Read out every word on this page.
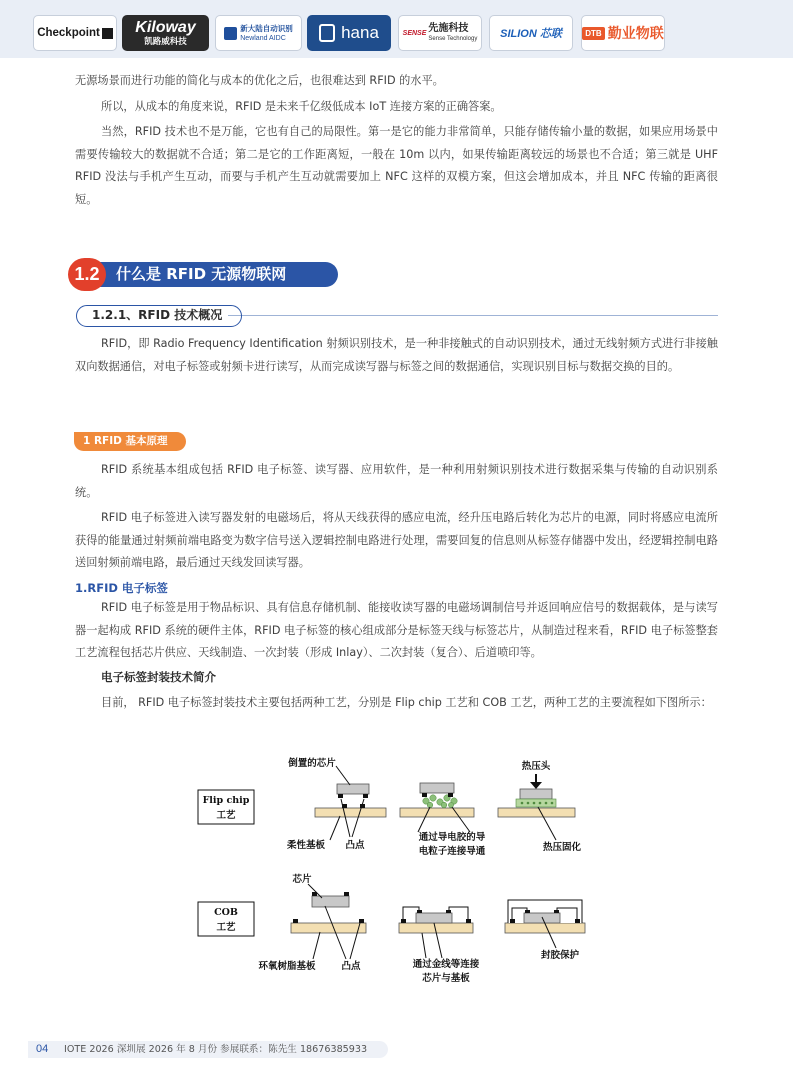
Checkpoint Kiloway
凯路威科技
新大陆自动识别
Newland AIDC	hana	SENSE 先施科技
Sense Technology SILION 芯联	DTB 勤业物联
无源场景而进行功能的简化与成本的优化之后，也很难达到 RFID 的水平。
所以，从成本的角度来说，RFID 是未来千亿级低成本 IoT 连接方案的正确答案。
当然，RFID 技术也不是万能，它也有自己的局限性。第一是它的能力非常简单，只能存储传输小量的数据，如果应用场景中需要传输较大的数据就不合适；第二是它的工作距离短，一般在 10m 以内，如果传输距离较远的场景也不合适；第三就是 UHF RFID 没法与手机产生互动，而要与手机产生互动就需要加上 NFC 这样的双模方案，但这会增加成本，并且 NFC 传输的距离很短。
1.2	什么是 RFID 无源物联网
1.2.1、RFID 技术概况
RFID，即 Radio Frequency Identification 射频识别技术，是一种非接触式的自动识别技术，通过无线射频方式进行非接触双向数据通信，对电子标签或射频卡进行读写，从而完成读写器与标签之间的数据通信，实现识别目标与数据交换的目的。
1 RFID 基本原理
RFID 系统基本组成包括 RFID 电子标签、读写器、应用软件，是一种利用射频识别技术进行数据采集与传输的自动识别系统。
RFID 电子标签进入读写器发射的电磁场后，将从天线获得的感应电流，经升压电路后转化为芯片的电源，同时将感应电流所获得的能量通过射频前端电路变为数字信号送入逻辑控制电路进行处理，需要回复的信息则从标签存储器中发出，经逻辑控制电路送回射频前端电路，最后通过天线发回读写器。
1.RFID 电子标签
RFID 电子标签是用于物品标识、具有信息存储机制、能接收读写器的电磁场调制信号并返回响应信号的数据载体，是与读写器一起构成 RFID 系统的硬件主体，RFID 电子标签的核心组成部分是标签天线与标签芯片，从制造过程来看，RFID 电子标签整套工艺流程包括芯片供应、天线制造、一次封装（形成 Inlay）、二次封装（复合）、后道喷印等。
电子标签封装技术简介
目前， RFID 电子标签封装技术主要包括两种工艺，分别是 Flip chip 工艺和 COB 工艺，两种工艺的主要流程如下图所示：
Flip chip
工艺
倒置的芯片
柔性基板 凸点
通过导电胶的导
电粒子连接导通
热压头
热压固化
COB
工艺
芯片
环氧树脂基板	凸点	通过金线等连接
芯片与基板
封胶保护
04 IOTE 2026 深圳展 2026 年 8 月份 参展联系：陈先生 18676385933
